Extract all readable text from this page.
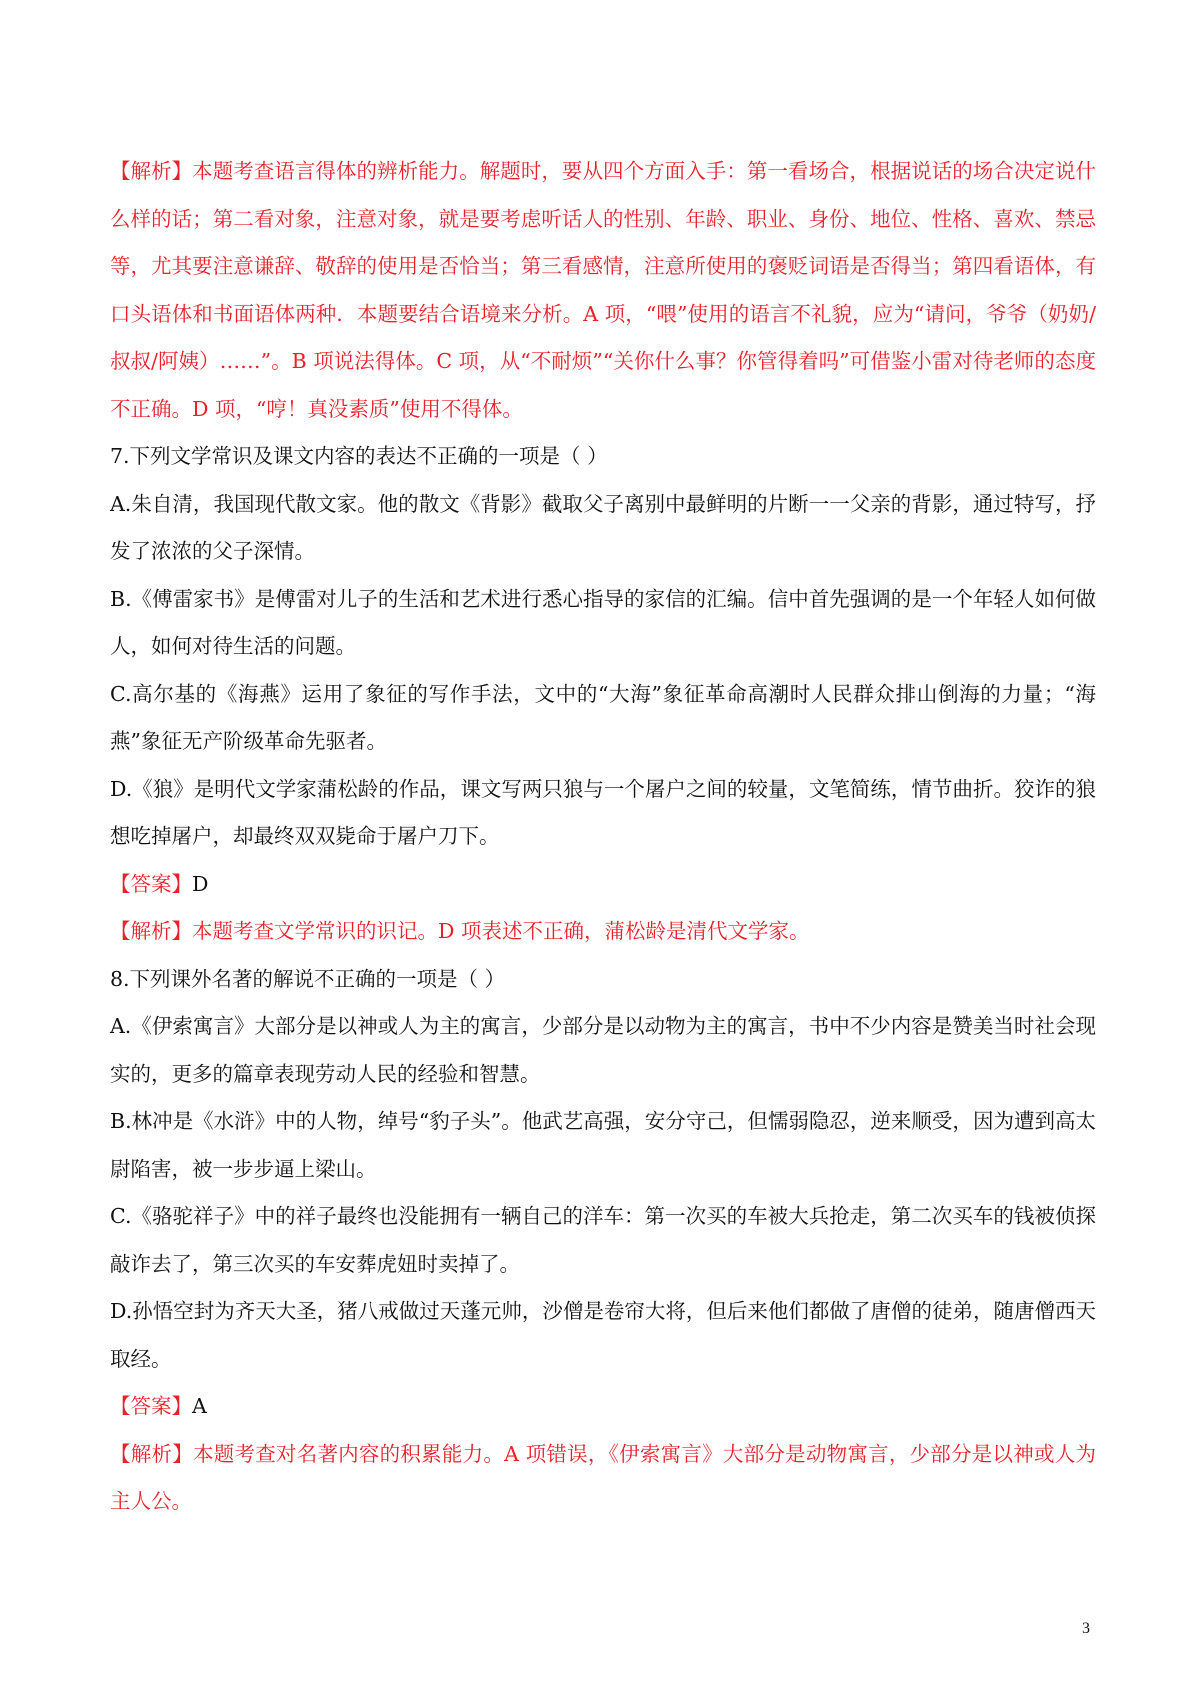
【解析】本题考查语言得体的辨析能力。解题时，要从四个方面入手：第一看场合，根据说话的场合决定说什么样的话；第二看对象，注意对象，就是要考虑听话人的性别、年龄、职业、身份、地位、性格、喜欢、禁忌等，尤其要注意谦辞、敬辞的使用是否恰当；第三看感情，注意所使用的褒贬词语是否得当；第四看语体，有口头语体和书面语体两种．本题要结合语境来分析。A 项，“喂”使用的语言不礼貌，应为“请问，爷爷（奶奶/叔叔/阿姨）……”。B 项说法得体。C 项，从“不耐烦”“关你什么事？你管得着吗”可借鉴小雷对待老师的态度不正确。D 项，“哼！真没素质”使用不得体。

7.下列文学常识及课文内容的表达不正确的一项是（ ）

A.朱自清，我国现代散文家。他的散文《背影》截取父子离别中最鲜明的片断一一父亲的背影，通过特写，抒发了浓浓的父子深情。

B.《傅雷家书》是傅雷对儿子的生活和艺术进行悉心指导的家信的汇编。信中首先强调的是一个年轻人如何做人，如何对待生活的问题。

C.高尔基的《海燕》运用了象征的写作手法，文中的“大海”象征革命高潮时人民群众排山倒海的力量；“海燕”象征无产阶级革命先驱者。

D.《狼》是明代文学家蒲松龄的作品，课文写两只狼与一个屠户之间的较量，文笔简练，情节曲折。狡诈的狼想吃掉屠户，却最终双双毙命于屠户刀下。

【答案】D

【解析】本题考查文学常识的识记。D 项表述不正确，蒲松龄是清代文学家。

8.下列课外名著的解说不正确的一项是（ ）

A.《伊索寓言》大部分是以神或人为主的寓言，少部分是以动物为主的寓言，书中不少内容是赞美当时社会现实的，更多的篇章表现劳动人民的经验和智慧。

B.林冲是《水浒》中的人物，绰号“豹子头”。他武艺高强，安分守己，但懦弱隐忍，逆来顺受，因为遭到高太尉陷害，被一步步逼上梁山。

C.《骆驼祥子》中的祥子最终也没能拥有一辆自己的洋车：第一次买的车被大兵抢走，第二次买车的钱被侦探敲诈去了，第三次买的车安葬虎妞时卖掉了。

D.孙悟空封为齐天大圣，猪八戒做过天蓬元帅，沙僧是卷帘大将，但后来他们都做了唐僧的徒弟，随唐僧西天取经。

【答案】A

【解析】本题考查对名著内容的积累能力。A 项错误，《伊索寓言》大部分是动物寓言，少部分是以神或人为主人公。

3
